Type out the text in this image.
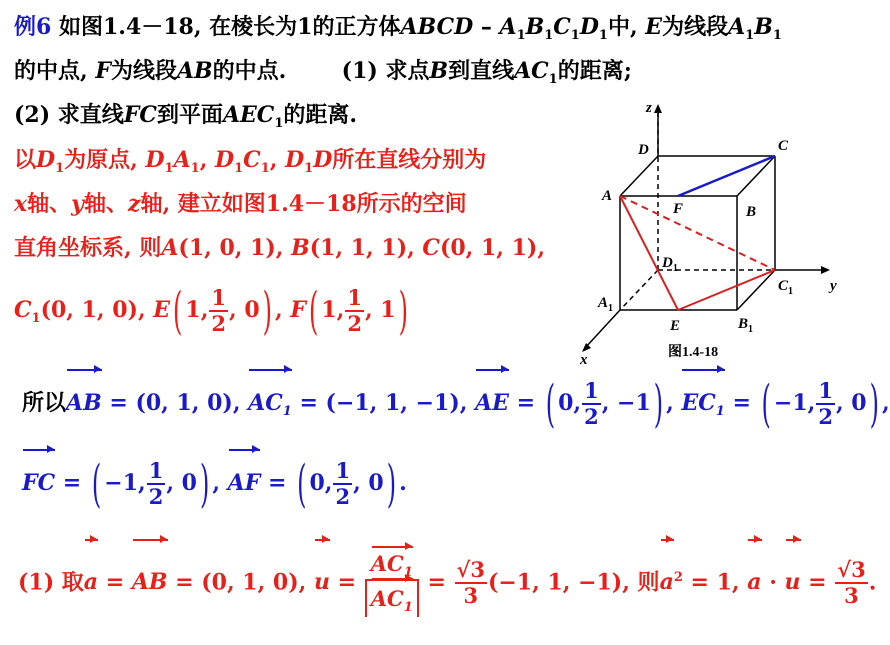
例6 如图1.4－18, 在棱长为1的正方体ABCD – $A_1B_1C_1D_1$中, E为线段$A_1B_1$
的中点, F为线段AB的中点.	(1) 求点B到直线$AC_1$的距离;
(2) 求直线FC到平面$AEC_1$的距离.
以$D_1$为原点, $D_1A_1$, $D_1C_1$, $D_1D$所在直线分别为
x轴、y轴、z轴, 建立如图1.4－18所示的空间
直角坐标系, 则A(1, 0, 1), B(1, 1, 1), C(0, 1, 1),
$C_1(0$, 1, 0), E ( 1, $\frac{1}{2}$ , 0 ) , F ( 1, $\frac{1}{2}$ , 1 )
所以AB = (0, 1, 0), $AC_1 = (-1$, 1, −1), AE = ( 0, $\frac{1}{2}$ , −1 ) , $EC_1$ = ( −1, $\frac{1}{2}$ , 0 ) ,
FC = ( −1, $\frac{1}{2}$ , 0 ) , AF = ( 0, $\frac{1}{2}$ , 0 ) .
(1) 取a = AB = (0, 1, 0), $u = \frac{AC_1}{AC_1} = \frac{√3}{3} (-1$, 1, −1), 则$a^2 = 1$, $a \cdot u = \frac{√3}{3}$ .
z
y
x
C
D
A
F	B
$D_1$
$C_1$
$A_1$
E	$B_1$
图1.4-18
